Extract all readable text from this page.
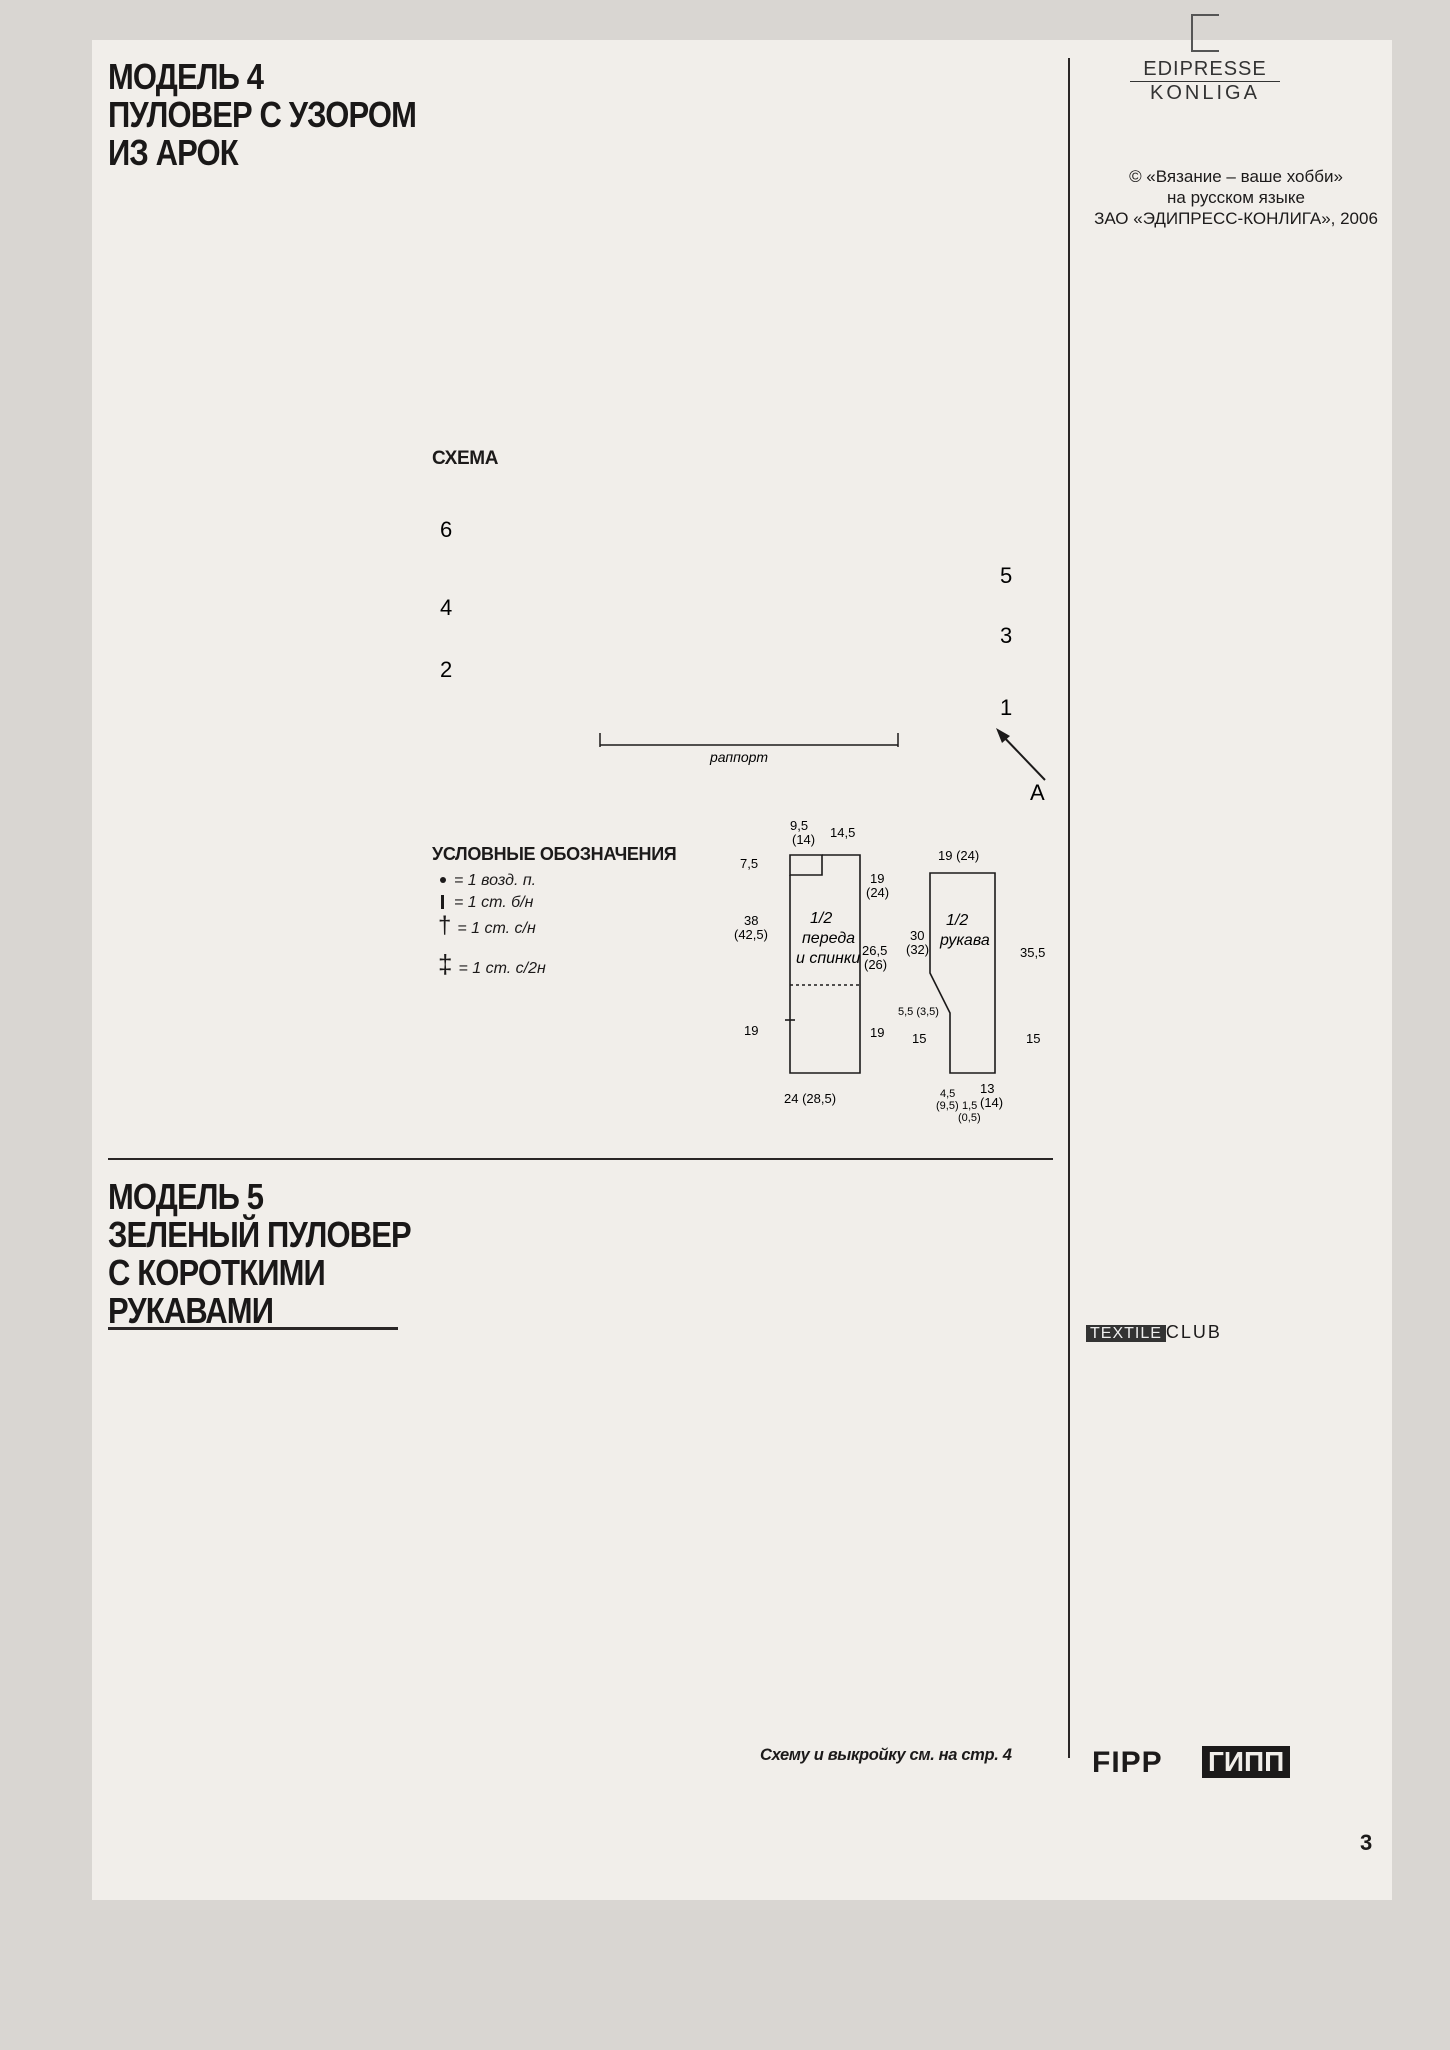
МОДЕЛЬ 4
ПУЛОВЕР С УЗОРОМ
ИЗ АРОК
СХЕМА
6
4
2
5
3
1
раппорт
А
УСЛОВНЫЕ ОБОЗНАЧЕНИЯ
= 1 возд. п.
= 1 ст. б/н
† = 1 ст. с/н
‡ = 1 ст. с/2н
1/2
переда
и спинки
1/2
рукава
9,5
(14) 14,5
7,5
19
(24)
38
(42,5)
26,5
(26)
19	19
24 (28,5)
19 (24)
30
(32)	35,5
5,5 (3,5)
15	15
4,5
(9,5) 1,5
(0,5)
13
(14)
МОДЕЛЬ 5
ЗЕЛЕНЫЙ ПУЛОВЕР
С КОРОТКИМИ
РУКАВАМИ
Схему и выкройку см. на стр. 4
EDIPRESSE
KONLIGA
© «Вязание – ваше хобби»
на русском языке
ЗАО «ЭДИПРЕСС-КОНЛИГА», 2006
TEXTILE CLUB
FIPP ГИПП
3
